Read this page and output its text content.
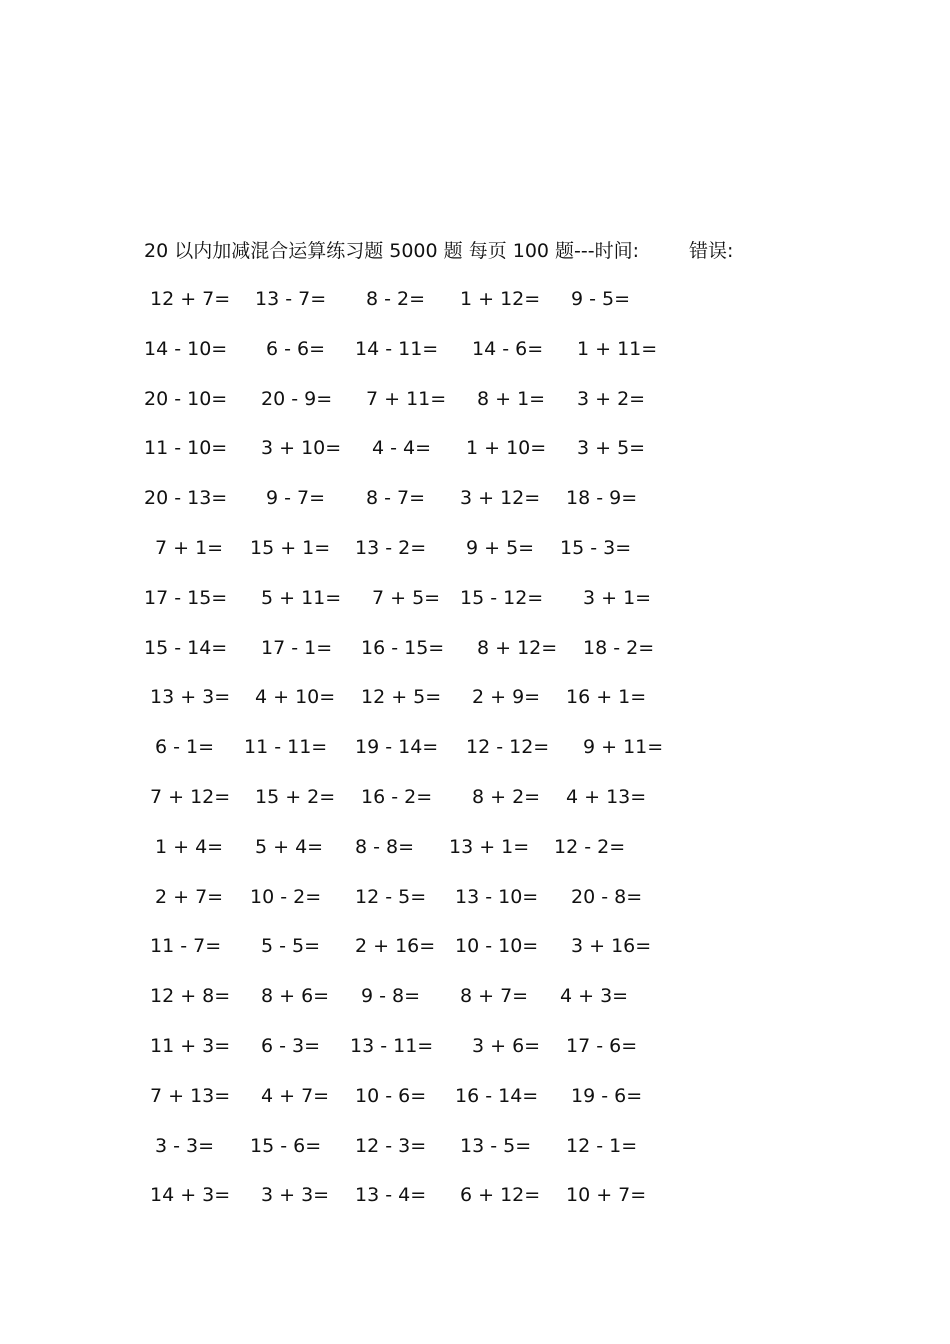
20 以内加减混合运算练习题 5000 题 每页 100 题---时间:	错误:
12 + 7= 13 - 7= 8 - 2= 1 + 12= 9 - 5=
14 - 10= 6 - 6= 14 - 11= 14 - 6= 1 + 11=
20 - 10= 20 - 9= 7 + 11= 8 + 1= 3 + 2=
11 - 10= 3 + 10= 4 - 4= 1 + 10= 3 + 5=
20 - 13= 9 - 7= 8 - 7= 3 + 12= 18 - 9=
7 + 1= 15 + 1= 13 - 2= 9 + 5= 15 - 3=
17 - 15= 5 + 11= 7 + 5= 15 - 12= 3 + 1=
15 - 14= 17 - 1= 16 - 15= 8 + 12= 18 - 2=
13 + 3= 4 + 10= 12 + 5= 2 + 9= 16 + 1=
6 - 1= 11 - 11= 19 - 14= 12 - 12= 9 + 11=
7 + 12= 15 + 2= 16 - 2= 8 + 2= 4 + 13=
1 + 4= 5 + 4= 8 - 8= 13 + 1= 12 - 2=
2 + 7= 10 - 2= 12 - 5= 13 - 10= 20 - 8=
11 - 7= 5 - 5= 2 + 16= 10 - 10= 3 + 16=
12 + 8= 8 + 6= 9 - 8= 8 + 7= 4 + 3=
11 + 3= 6 - 3= 13 - 11= 3 + 6= 17 - 6=
7 + 13= 4 + 7= 10 - 6= 16 - 14= 19 - 6=
3 - 3= 15 - 6= 12 - 3= 13 - 5= 12 - 1=
14 + 3= 3 + 3= 13 - 4= 6 + 12= 10 + 7=
